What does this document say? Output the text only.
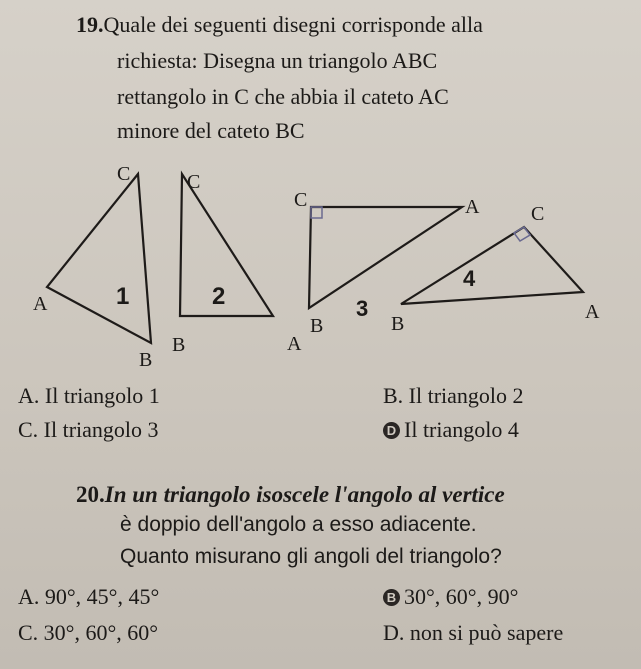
19.Quale dei seguenti disegni corrisponde alla
richiesta: Disegna un triangolo ABC
rettangolo in C che abbia il cateto AC
minore del cateto BC
C
A
B
1
C
B	A
2
C	A
B
3
C
B
A
4
A. Il triangolo 1	B. Il triangolo 2
C. Il triangolo 3	D Il triangolo 4
20.In un triangolo isoscele l'angolo al vertice
è doppio dell'angolo a esso adiacente.
Quanto misurano gli angoli del triangolo?
A. 90°, 45°, 45°	B 30°, 60°, 90°
C. 30°, 60°, 60°	D. non si può sapere
